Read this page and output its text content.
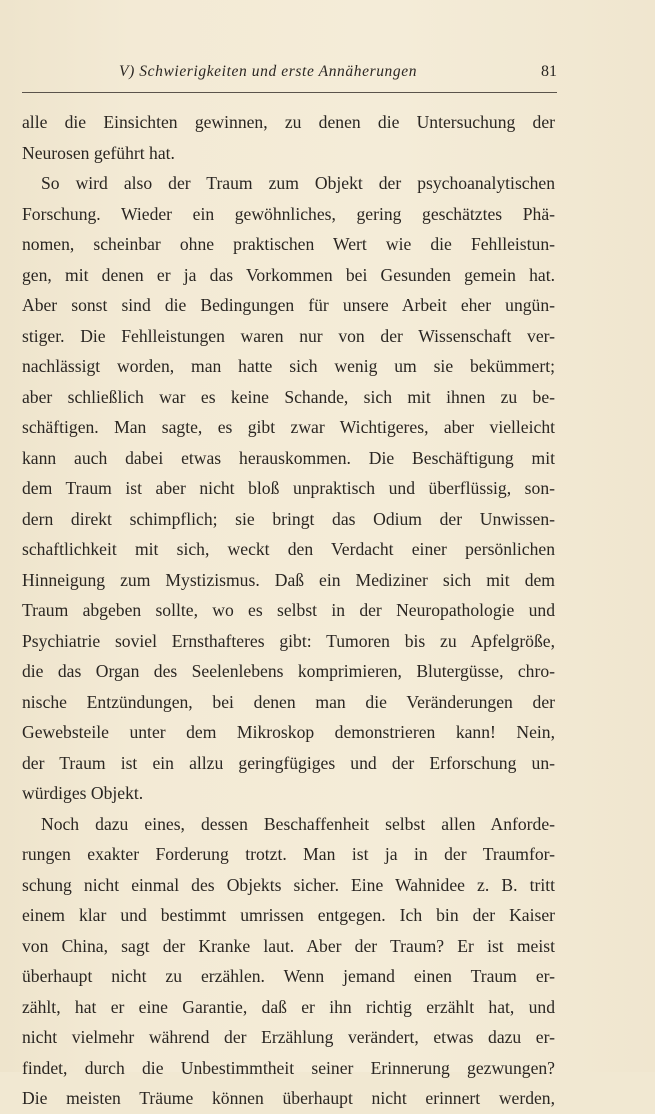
V) Schwierigkeiten und erste Annäherungen	81
alle die Einsichten gewinnen, zu denen die Untersuchung der
Neurosen geführt hat.
So wird also der Traum zum Objekt der psychoanalytischen
Forschung. Wieder ein gewöhnliches, gering geschätztes Phä-
nomen, scheinbar ohne praktischen Wert wie die Fehlleistun-
gen, mit denen er ja das Vorkommen bei Gesunden gemein hat.
Aber sonst sind die Bedingungen für unsere Arbeit eher ungün-
stiger. Die Fehlleistungen waren nur von der Wissenschaft ver-
nachlässigt worden, man hatte sich wenig um sie bekümmert;
aber schließlich war es keine Schande, sich mit ihnen zu be-
schäftigen. Man sagte, es gibt zwar Wichtigeres, aber vielleicht
kann auch dabei etwas herauskommen. Die Beschäftigung mit
dem Traum ist aber nicht bloß unpraktisch und überflüssig, son-
dern direkt schimpflich; sie bringt das Odium der Unwissen-
schaftlichkeit mit sich, weckt den Verdacht einer persönlichen
Hinneigung zum Mystizismus. Daß ein Mediziner sich mit dem
Traum abgeben sollte, wo es selbst in der Neuropathologie und
Psychiatrie soviel Ernsthafteres gibt: Tumoren bis zu Apfelgröße,
die das Organ des Seelenlebens komprimieren, Blutergüsse, chro-
nische Entzündungen, bei denen man die Veränderungen der
Gewebsteile unter dem Mikroskop demonstrieren kann! Nein,
der Traum ist ein allzu geringfügiges und der Erforschung un-
würdiges Objekt.
Noch dazu eines, dessen Beschaffenheit selbst allen Anforde-
rungen exakter Forderung trotzt. Man ist ja in der Traumfor-
schung nicht einmal des Objekts sicher. Eine Wahnidee z. B. tritt
einem klar und bestimmt umrissen entgegen. Ich bin der Kaiser
von China, sagt der Kranke laut. Aber der Traum? Er ist meist
überhaupt nicht zu erzählen. Wenn jemand einen Traum er-
zählt, hat er eine Garantie, daß er ihn richtig erzählt hat, und
nicht vielmehr während der Erzählung verändert, etwas dazu er-
findet, durch die Unbestimmtheit seiner Erinnerung gezwungen?
Die meisten Träume können überhaupt nicht erinnert werden,
